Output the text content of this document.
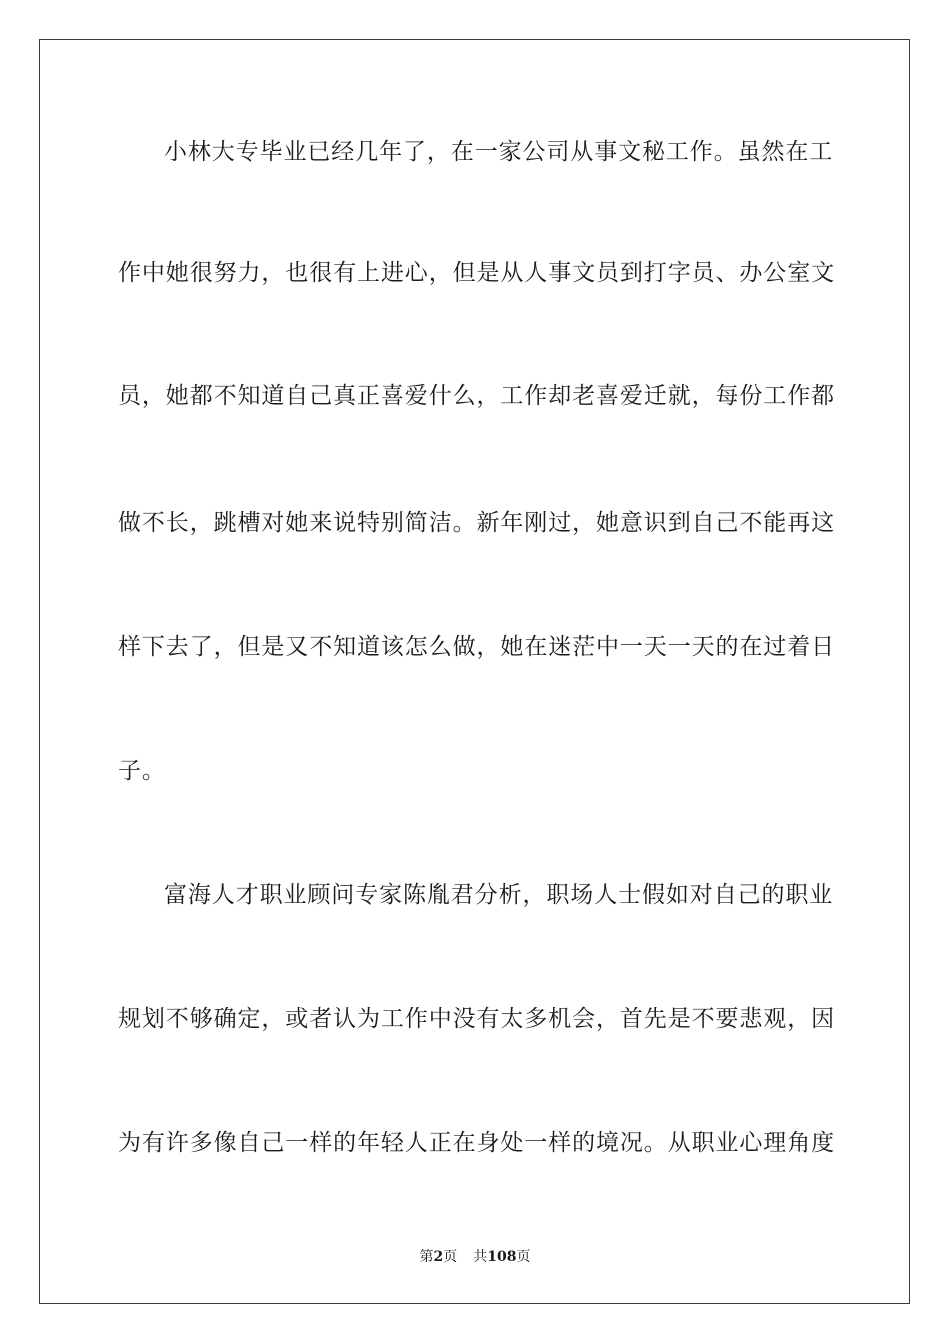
小林大专毕业已经几年了，在一家公司从事文秘工作。虽然在工
作中她很努力，也很有上进心，但是从人事文员到打字员、办公室文
员，她都不知道自己真正喜爱什么，工作却老喜爱迁就，每份工作都
做不长，跳槽对她来说特别简洁。新年刚过，她意识到自己不能再这
样下去了，但是又不知道该怎么做，她在迷茫中一天一天的在过着日
子。
富海人才职业顾问专家陈胤君分析，职场人士假如对自己的职业
规划不够确定，或者认为工作中没有太多机会，首先是不要悲观，因
为有许多像自己一样的年轻人正在身处一样的境况。从职业心理角度
第2页 共108页
